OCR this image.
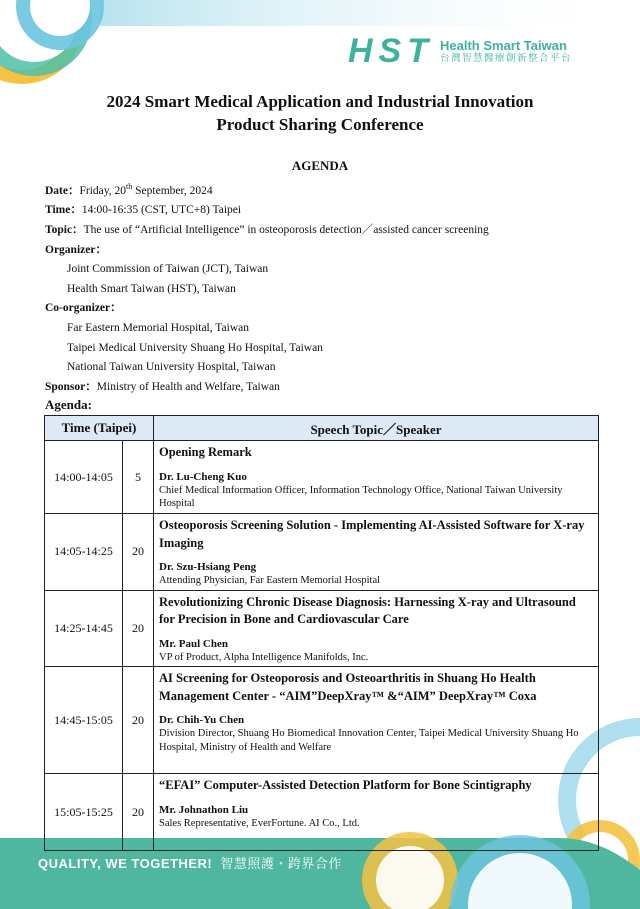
HST Health Smart Taiwan
台灣智慧醫療創新整合平台
2024 Smart Medical Application and Industrial Innovation
Product Sharing Conference
AGENDA
Date：Friday, 20th September, 2024
Time：14:00-16:35 (CST, UTC+8) Taipei
Topic：The use of “Artificial Intelligence” in osteoporosis detection／assisted cancer screening
Organizer：
Joint Commission of Taiwan (JCT), Taiwan
Health Smart Taiwan (HST), Taiwan
Co-organizer：
Far Eastern Memorial Hospital, Taiwan
Taipei Medical University Shuang Ho Hospital, Taiwan
National Taiwan University Hospital, Taiwan
Sponsor：Ministry of Health and Welfare, Taiwan
Agenda:
Time (Taipei)		Speech Topic／Speaker
14:00-14:05	5	Opening Remark
Dr. Lu-Cheng Kuo
Chief Medical Information Officer, Information Technology Office, National Taiwan University Hospital

14:05-14:25	20	Osteoporosis Screening Solution - Implementing AI-Assisted Software for X-ray Imaging
Dr. Szu-Hsiang Peng
Attending Physician, Far Eastern Memorial Hospital

14:25-14:45	20	Revolutionizing Chronic Disease Diagnosis: Harnessing X-ray and Ultrasound for Precision in Bone and Cardiovascular Care
Mr. Paul Chen
VP of Product, Alpha Intelligence Manifolds, Inc.

14:45-15:05	20	AI Screening for Osteoporosis and Osteoarthritis in Shuang Ho Health Management Center - “AIM”DeepXray™ &“AIM” DeepXray™ Coxa
Dr. Chih-Yu Chen
Division Director, Shuang Ho Biomedical Innovation Center, Taipei Medical University Shuang Ho Hospital, Ministry of Health and Welfare

15:05-15:25	20	“EFAI” Computer-Assisted Detection Platform for Bone Scintigraphy
Mr. Johnathon Liu
Sales Representative, EverFortune. AI Co., Ltd.
QUALITY, WE TOGETHER! 智慧照護・跨界合作
